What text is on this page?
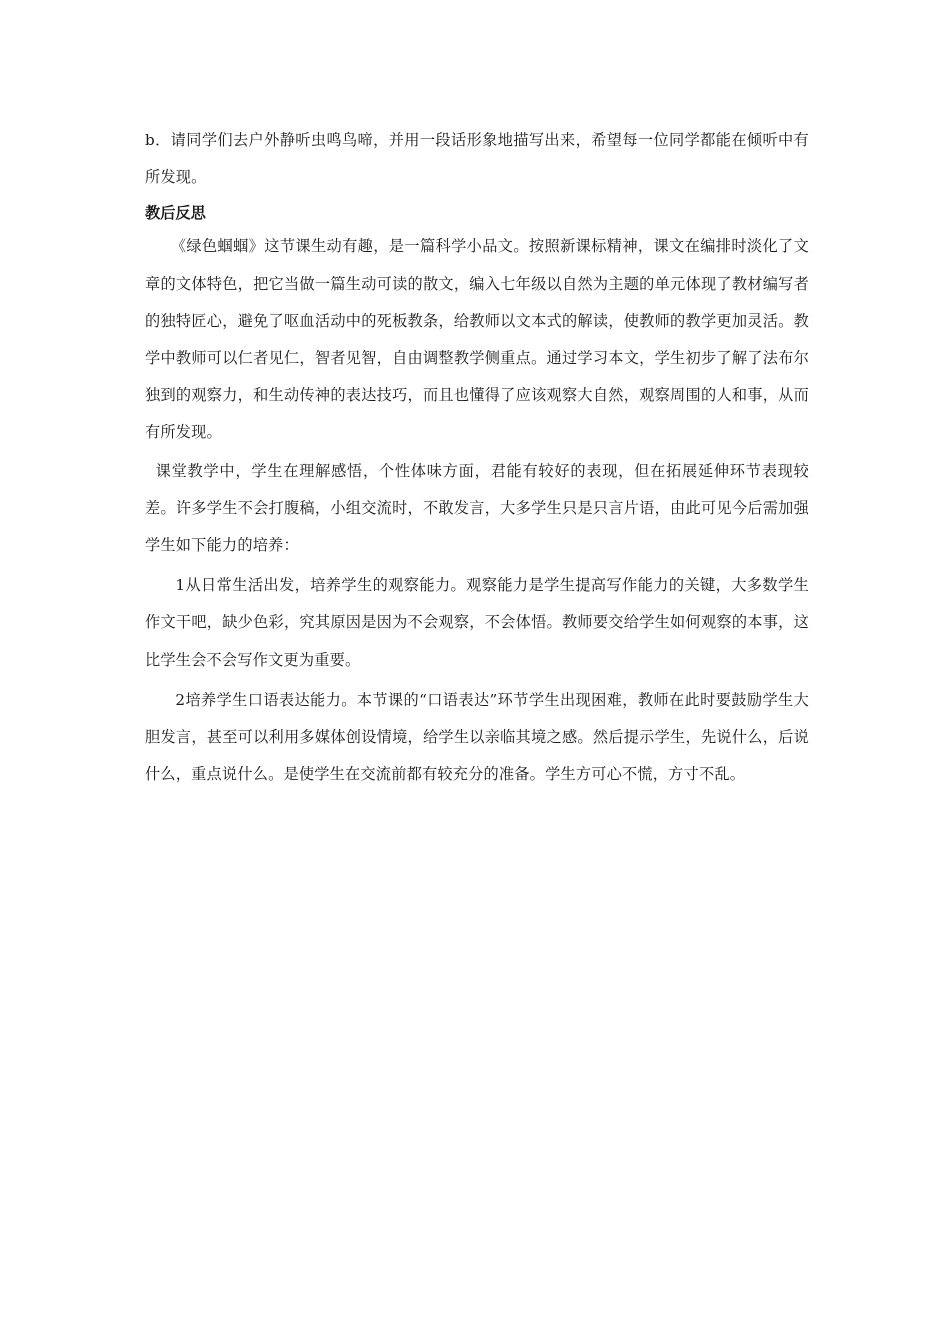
b．请同学们去户外静听虫鸣鸟啼，并用一段话形象地描写出来，希望每一位同学都能在倾听中有所发现。

教后反思

《绿色蝈蝈》这节课生动有趣，是一篇科学小品文。按照新课标精神，课文在编排时淡化了文章的文体特色，把它当做一篇生动可读的散文，编入七年级以自然为主题的单元体现了教材编写者的独特匠心，避免了呕血活动中的死板教条，给教师以文本式的解读，使教师的教学更加灵活。教学中教师可以仁者见仁，智者见智，自由调整教学侧重点。通过学习本文，学生初步了解了法布尔独到的观察力，和生动传神的表达技巧，而且也懂得了应该观察大自然，观察周围的人和事，从而有所发现。

课堂教学中，学生在理解感悟，个性体味方面，君能有较好的表现，但在拓展延伸环节表现较差。许多学生不会打腹稿，小组交流时，不敢发言，大多学生只是只言片语，由此可见今后需加强学生如下能力的培养：

1从日常生活出发，培养学生的观察能力。观察能力是学生提高写作能力的关键，大多数学生作文干吧，缺少色彩，究其原因是因为不会观察，不会体悟。教师要交给学生如何观察的本事，这比学生会不会写作文更为重要。

2培养学生口语表达能力。本节课的“口语表达”环节学生出现困难，教师在此时要鼓励学生大胆发言，甚至可以利用多媒体创设情境，给学生以亲临其境之感。然后提示学生，先说什么，后说什么，重点说什么。是使学生在交流前都有较充分的准备。学生方可心不慌，方寸不乱。
